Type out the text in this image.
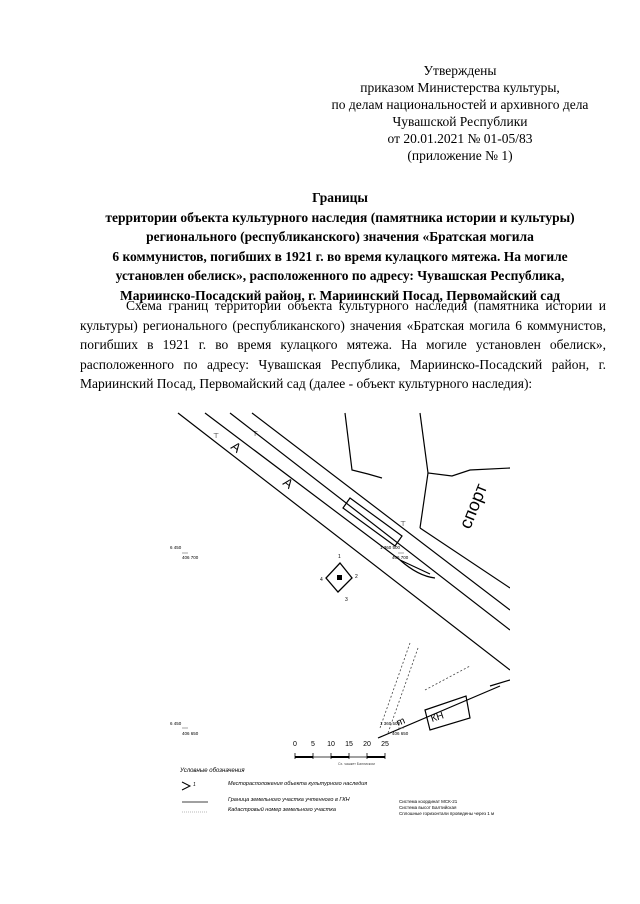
Утверждены
приказом Министерства культуры,
по делам национальностей и архивного дела
Чувашской Республики
от 20.01.2021 № 01-05/83
(приложение № 1)
Границы
территории объекта культурного наследия (памятника истории и культуры)
регионального (республиканского) значения «Братская могила
6 коммунистов, погибших в 1921 г. во время кулацкого мятежа. На могиле
установлен обелиск», расположенного по адресу: Чувашская Республика,
Мариинско-Посадский район, г. Мариинский Посад, Первомайский сад
Схема границ территории объекта культурного наследия (памятника истории и культуры) регионального (республиканского) значения «Братская могила 6 коммунистов, погибших в 1921 г. во время кулацкого мятежа. На могиле установлен обелиск», расположенного по адресу: Чувашская Республика, Мариинско-Посадский район, г. Мариинский Посад, Первомайский сад (далее - объект культурного наследия):
⊤	⊤
⊤
А
А	спорт
КН
m
6 450
406 700
1 360 500
406 700
6 450
406 650
1 360 500
406 650
1
2
3
4
0 5 10 15 20 25
Сх. чашкет Баллиском
Условные обозначения
1	Месторасположения объекта культурного наследия
Граница земельного участка учтенного в ГКН
Кадастровый номер земельного участка
Система координат МСК-21
Система высот Балтийская
Сплошные горизонтали проведены через 1 м
